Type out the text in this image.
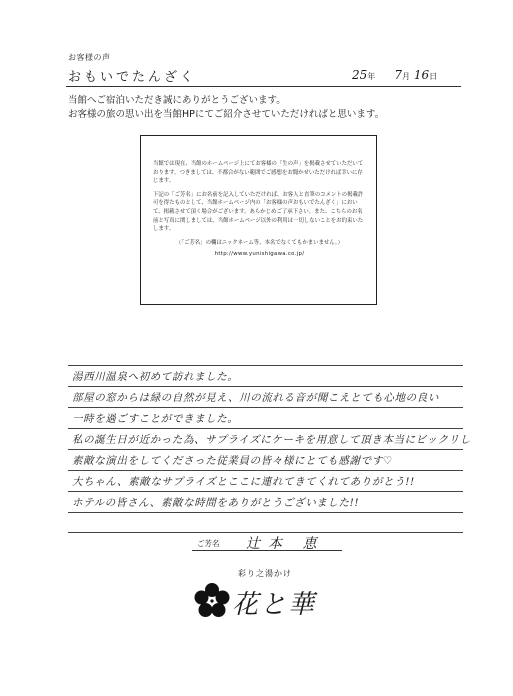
お客様の声
おもいでたんざく	25年 7月 16日
当館へご宿泊いただき誠にありがとうございます。
お客様の旅の思い出を当館HPにてご紹介させていただければと思います。
当館では現在、当館のホームページ上にてお客様の「生の声」を掲載させていただいております。つきましては、不都合がない範囲でご感想をお聞かせいただければ幸いに存じます。
下記の「ご芳名」にお名前を記入していただければ、お客人と直筆のコメントの掲載許可を得たものとして、当館ホームページ内の「お客様の声おもいでたんざく」において、掲載させて頂く場合がございます。あらかじめご了承下さい。また、こちらのお名前と写真に関しましては、当館ホームページ以外の利用は一切しないことをお約束いたします。
（「ご芳名」の欄はニックネーム等、本名でなくてもかまいません。）
http://www.yunishigawa.co.jp/
湯西川温泉へ初めて訪れました。
部屋の窓からは緑の自然が見え、川の流れる音が聞こえとても心地の良い
一時を過ごすことができました。
私の誕生日が近かった為、サプライズにケーキを用意して頂き本当にビックリし
素敵な演出をしてくださった従業員の皆々様にとても感謝です♡
大ちゃん、素敵なサプライズとここに連れてきてくれてありがとう!!
ホテルの皆さん、素敵な時間をありがとうございました!!
ご芳名 辻本 恵
彩り之湯かけ
花と華
